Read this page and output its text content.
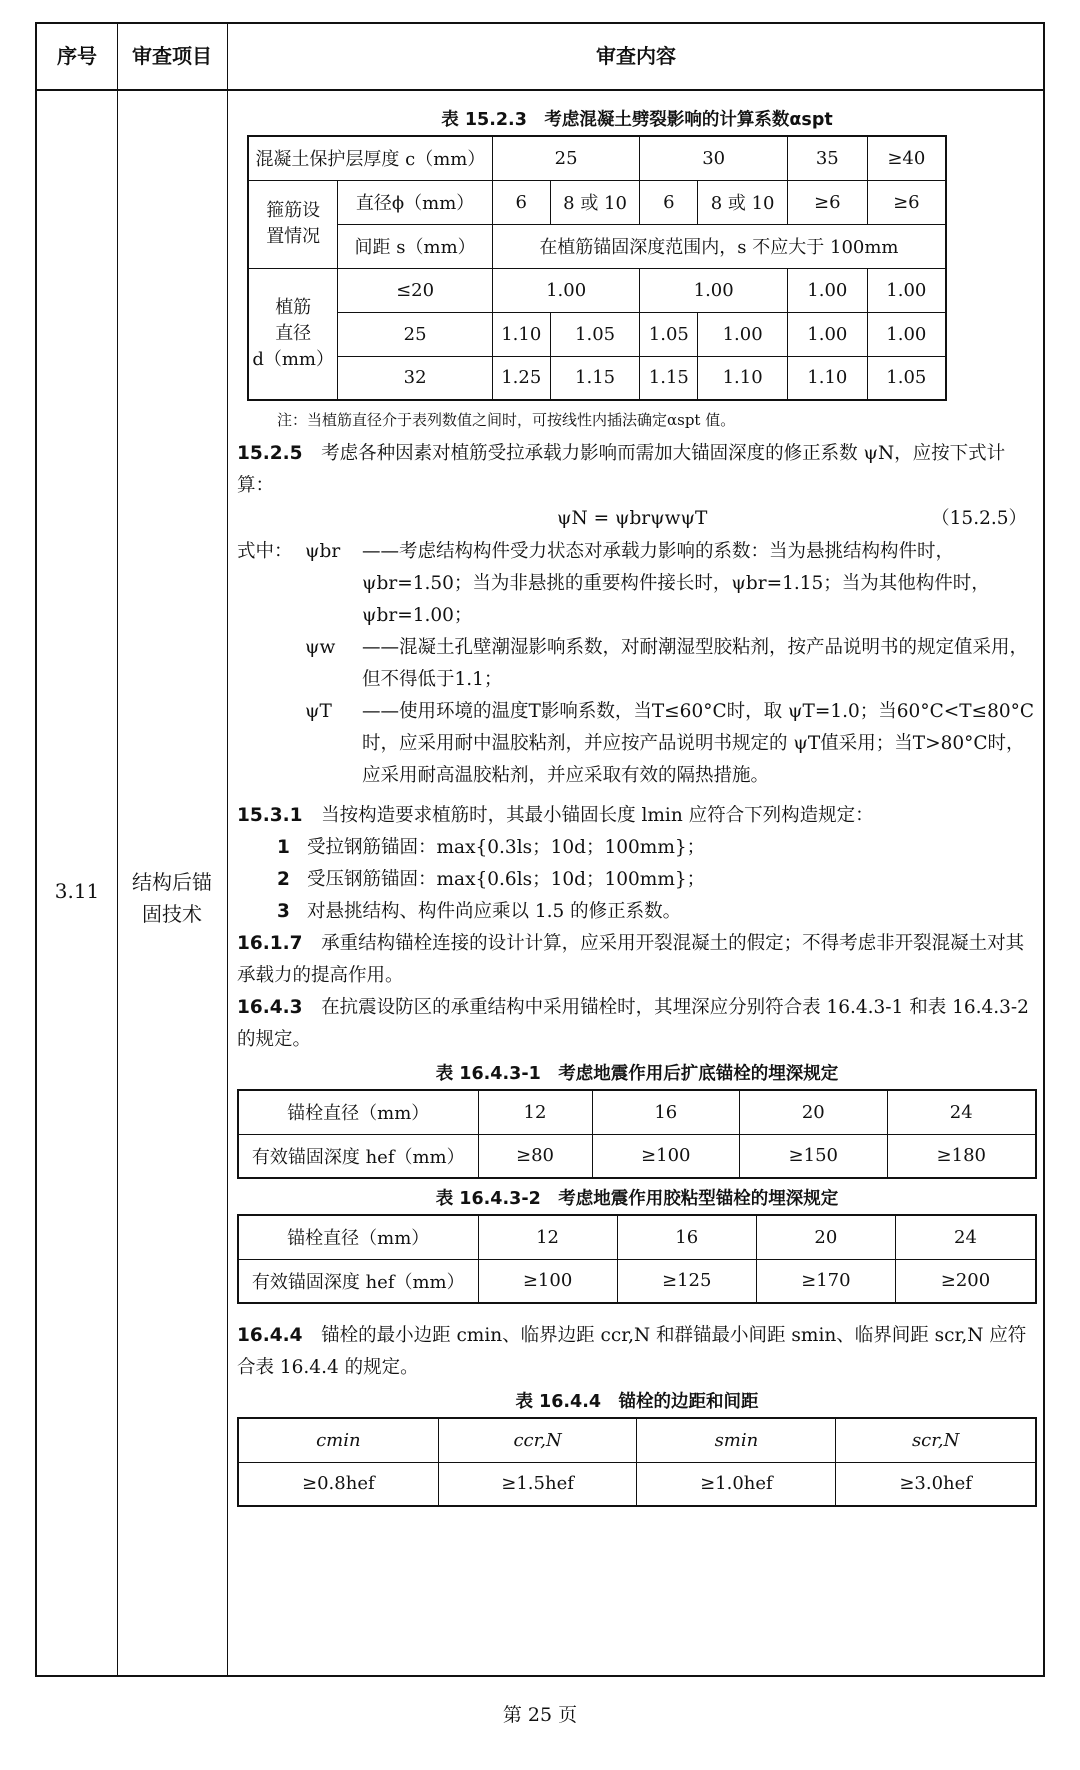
序号	审查项目	审查内容
3.11	结构后锚
固技术
表 15.2.3　考虑混凝土劈裂影响的计算系数αspt
混凝土保护层厚度 c（mm）		25		30		35	≥40

箍筋设
置情况	直径ϕ（mm）	6	8 或 10	6	8 或 10	≥6	≥6
	间距 s（mm）	在植筋锚固深度范围内，s 不应大于 100mm					

植筋
直径
d（mm）	≤20	1.00		1.00		1.00	1.00
	25	1.10	1.05	1.05	1.00	1.00	1.00
	32	1.25	1.15	1.15	1.10	1.10	1.05
注：当植筋直径介于表列数值之间时，可按线性内插法确定αspt 值。

15.2.5　 考虑各种因素对植筋受拉承载力影响而需加大锚固深度的修正系数 ψN，应按下式计算：

ψN = ψbrψwψT	（15.2.5）
式中： ψbr ——考虑结构构件受力状态对承载力影响的系数：当为悬挑结构构件时，ψbr=1.50；当为非悬挑的重要构件接长时，ψbr=1.15；当为其他构件时，ψbr=1.00；
ψw ——混凝土孔壁潮湿影响系数，对耐潮湿型胶粘剂，按产品说明书的规定值采用，但不得低于1.1；
ψT ——使用环境的温度T影响系数，当T≤60°C时，取 ψT=1.0；当60°C<T≤80°C时，应采用耐中温胶粘剂，并应按产品说明书规定的 ψT值采用；当T>80°C时，应采用耐高温胶粘剂，并应采取有效的隔热措施。

15.3.1　 当按构造要求植筋时，其最小锚固长度 lmin 应符合下列构造规定：

1 受拉钢筋锚固：max{0.3ls；10d；100mm}；
2 受压钢筋锚固：max{0.6ls；10d；100mm}；
3 对悬挑结构、构件尚应乘以 1.5 的修正系数。

16.1.7　 承重结构锚栓连接的设计计算，应采用开裂混凝土的假定；不得考虑非开裂混凝土对其承载力的提高作用。

16.4.3　 在抗震设防区的承重结构中采用锚栓时，其埋深应分别符合表 16.4.3-1 和表 16.4.3-2 的规定。

表 16.4.3-1　考虑地震作用后扩底锚栓的埋深规定
锚栓直径（mm）	12	16	20	24
有效锚固深度 hef（mm）	≥80	≥100	≥150	≥180
表 16.4.3-2　考虑地震作用胶粘型锚栓的埋深规定
锚栓直径（mm）	12	16	20	24
有效锚固深度 hef（mm）	≥100	≥125	≥170	≥200

16.4.4　 锚栓的最小边距 cmin、临界边距 ccr,N 和群锚最小间距 smin、临界间距 scr,N 应符合表 16.4.4 的规定。

表 16.4.4　锚栓的边距和间距
cmin	ccr,N	smin	scr,N
≥0.8hef	≥1.5hef	≥1.0hef	≥3.0hef
第 25 页
